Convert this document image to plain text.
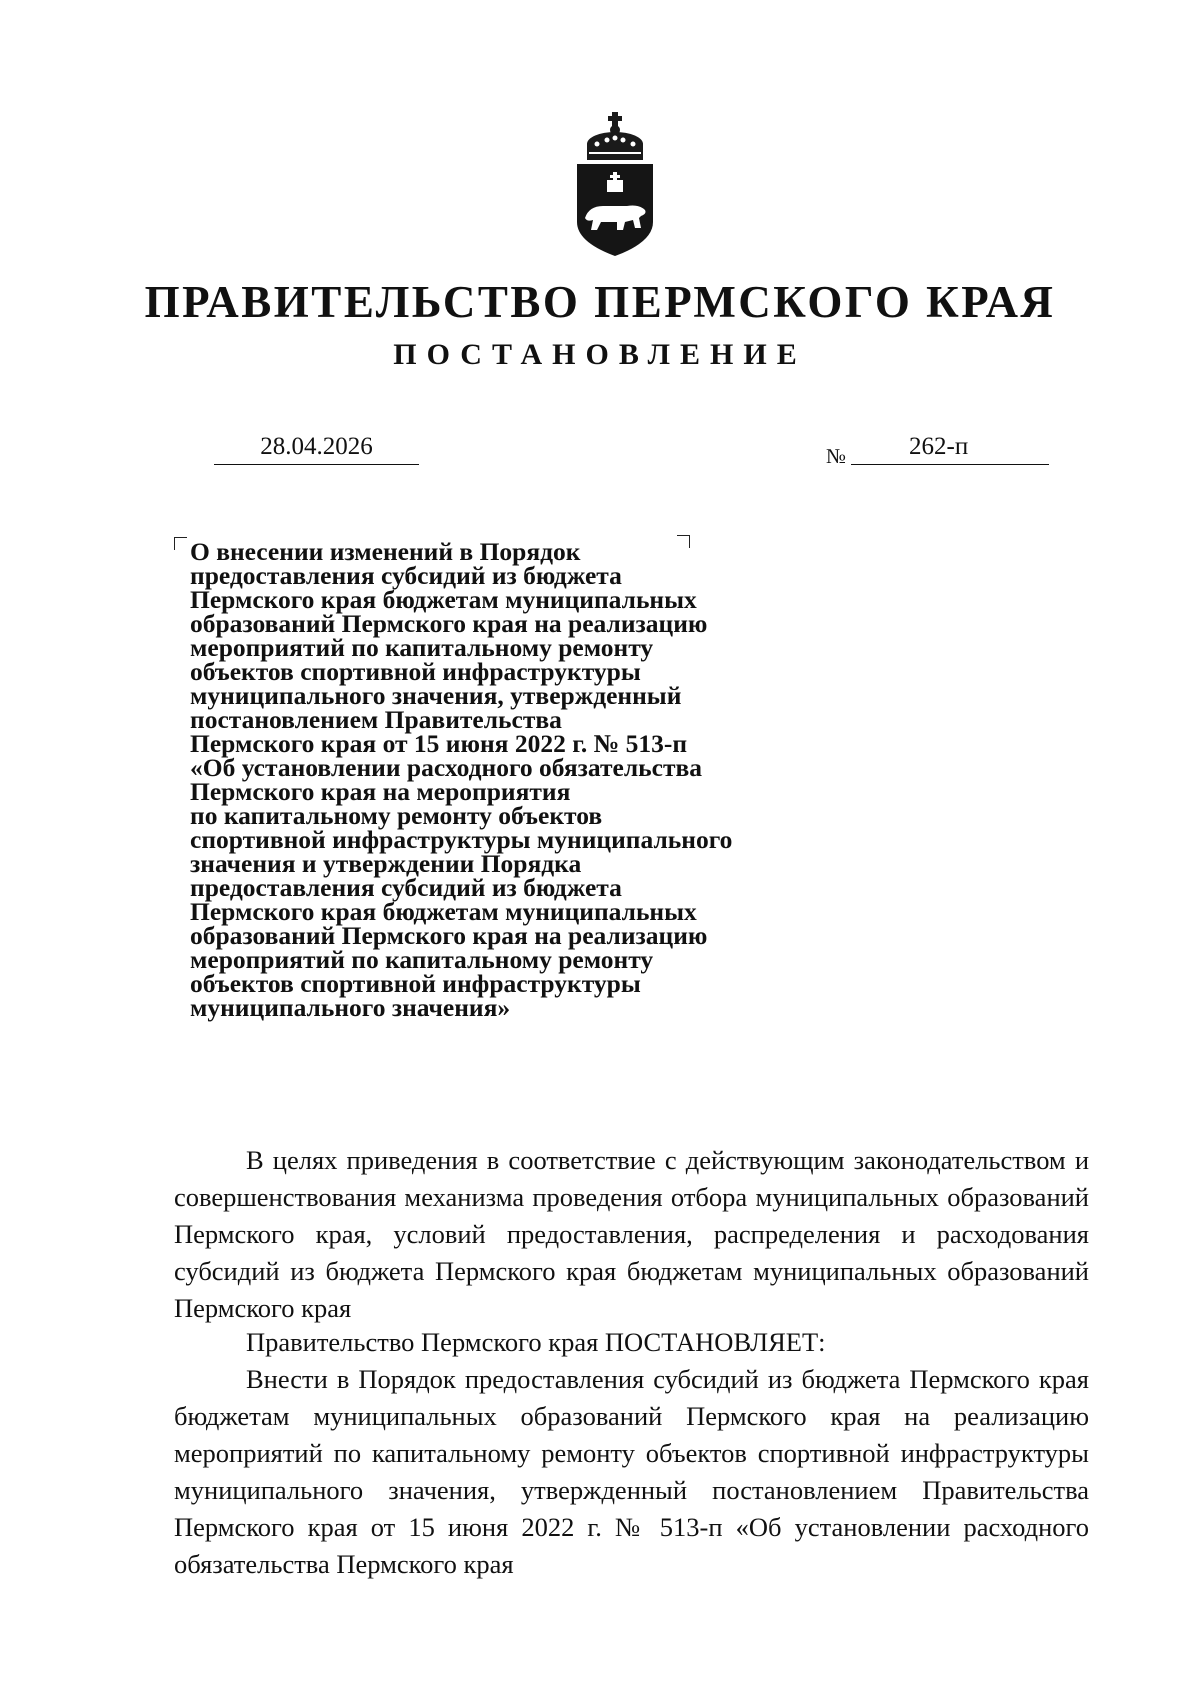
ПРАВИТЕЛЬСТВО ПЕРМСКОГО КРАЯ
ПОСТАНОВЛЕНИЕ
28.04.2026	№	262-п
О внесении изменений в Порядок
предоставления субсидий из бюджета
Пермского края бюджетам муниципальных
образований Пермского края на реализацию
мероприятий по капитальному ремонту
объектов спортивной инфраструктуры
муниципального значения, утвержденный
постановлением Правительства
Пермского края от 15 июня 2022 г. № 513-п
«Об установлении расходного обязательства
Пермского края на мероприятия
по капитальному ремонту объектов
спортивной инфраструктуры муниципального
значения и утверждении Порядка
предоставления субсидий из бюджета
Пермского края бюджетам муниципальных
образований Пермского края на реализацию
мероприятий по капитальному ремонту
объектов спортивной инфраструктуры
муниципального значения»

В целях приведения в соответствие с действующим законодательством и совершенствования механизма проведения отбора муниципальных образований Пермского края, условий предоставления, распределения и расходования субсидий из бюджета Пермского края бюджетам муниципальных образований Пермского края

Правительство Пермского края ПОСТАНОВЛЯЕТ:

Внести в Порядок предоставления субсидий из бюджета Пермского края бюджетам муниципальных образований Пермского края на реализацию мероприятий по капитальному ремонту объектов спортивной инфраструктуры муниципального значения, утвержденный постановлением Правительства Пермского края от 15 июня 2022 г. № 513-п «Об установлении расходного обязательства Пермского края
